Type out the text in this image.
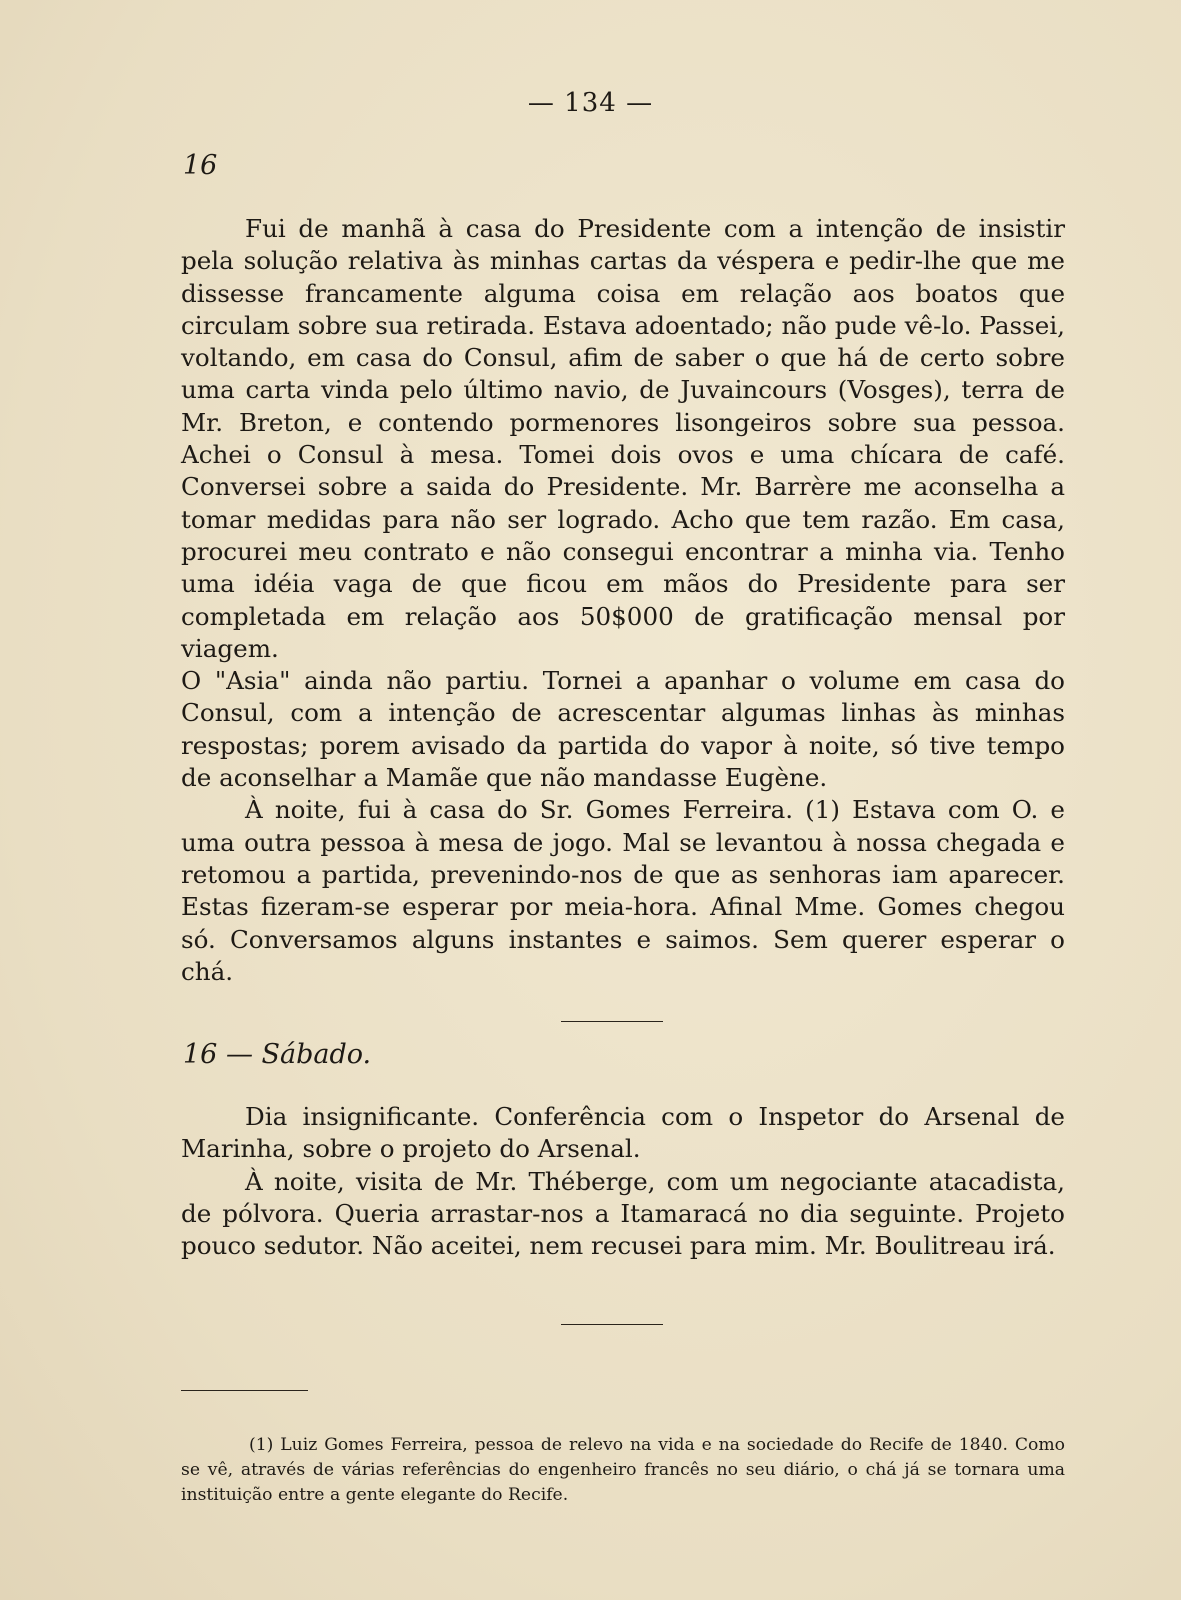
— 134 —
16

Fui de manhã à casa do Presidente com a intenção de insistir pela solução relativa às minhas cartas da véspera e pedir-lhe que me dissesse francamente alguma coisa em relação aos boatos que circulam sobre sua retirada. Estava adoentado; não pude vê-lo. Passei, voltando, em casa do Consul, afim de saber o que há de certo sobre uma carta vinda pelo último navio, de Juvaincours (Vosges), terra de Mr. Breton, e contendo pormenores lisongeiros sobre sua pessoa. Achei o Consul à mesa. Tomei dois ovos e uma chícara de café. Conversei sobre a saida do Presidente. Mr. Barrère me aconselha a tomar medidas para não ser logrado. Acho que tem razão. Em casa, procurei meu contrato e não consegui encontrar a minha via. Tenho uma idéia vaga de que ficou em mãos do Presidente para ser completada em relação aos 50$000 de gratificação mensal por viagem.

O "Asia" ainda não partiu. Tornei a apanhar o volume em casa do Consul, com a intenção de acrescentar algumas linhas às minhas respostas; porem avisado da partida do vapor à noite, só tive tempo de aconselhar a Mamãe que não mandasse Eugène.

À noite, fui à casa do Sr. Gomes Ferreira. (1) Estava com O. e uma outra pessoa à mesa de jogo. Mal se levantou à nossa chegada e retomou a partida, prevenindo-nos de que as senhoras iam aparecer. Estas fizeram-se esperar por meia-hora. Afinal Mme. Gomes chegou só. Conversamos alguns instantes e saimos. Sem querer esperar o chá.

16 — Sábado.

Dia insignificante. Conferência com o Inspetor do Arsenal de Marinha, sobre o projeto do Arsenal.

À noite, visita de Mr. Théberge, com um negociante atacadista, de pólvora. Queria arrastar-nos a Itamaracá no dia seguinte. Projeto pouco sedutor. Não aceitei, nem recusei para mim. Mr. Boulitreau irá.

(1) Luiz Gomes Ferreira, pessoa de relevo na vida e na sociedade do Recife de 1840. Como se vê, através de várias referências do engenheiro francês no seu diário, o chá já se tornara uma instituição entre a gente elegante do Recife.
